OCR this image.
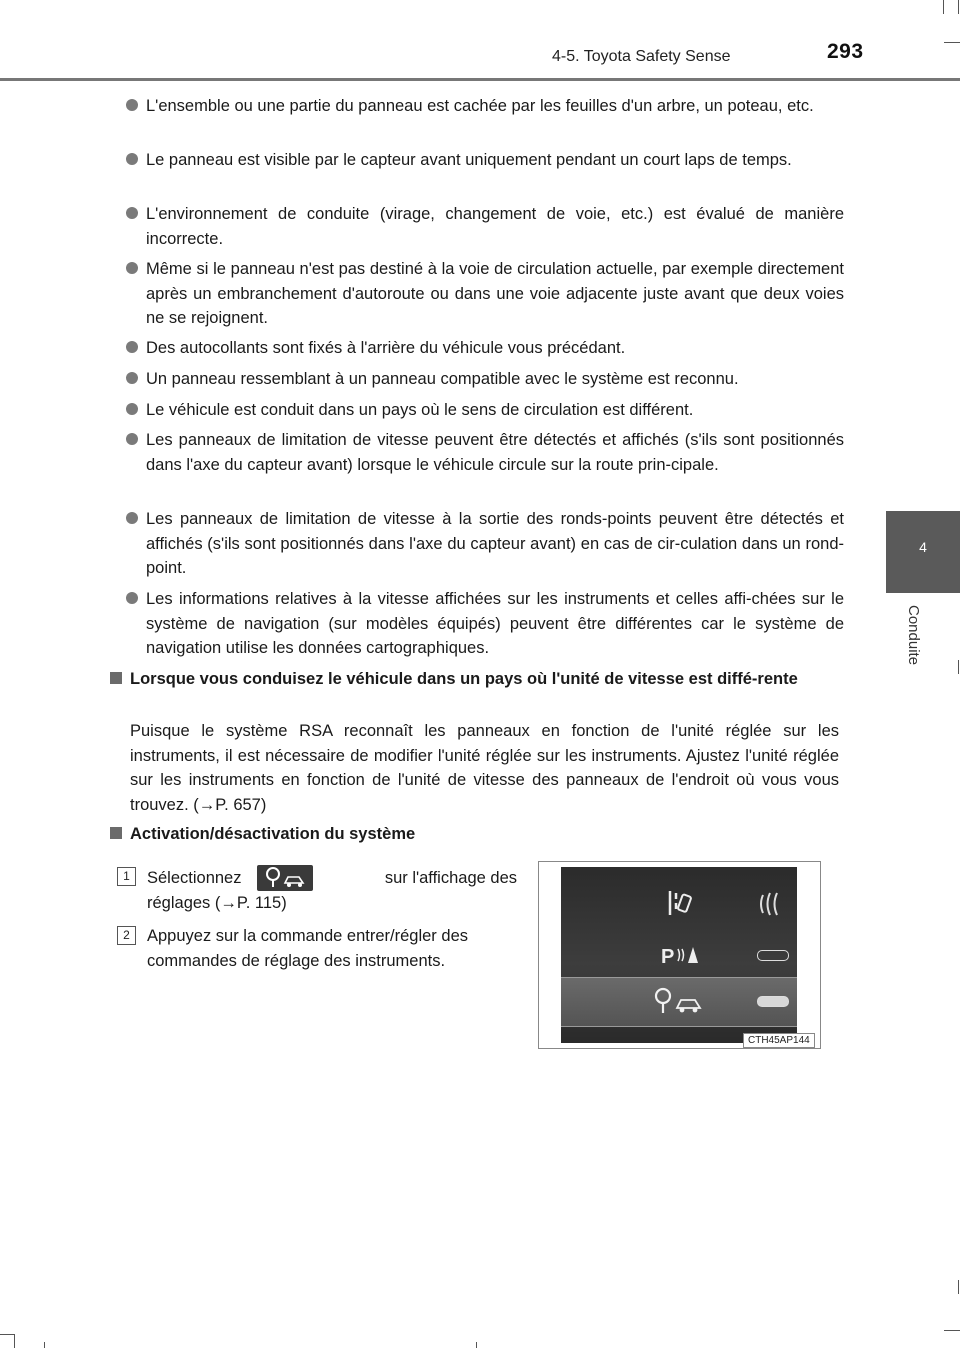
4-5. Toyota Safety Sense	293
4
Conduite
L'ensemble ou une partie du panneau est cachée par les feuilles d'un arbre, un poteau, etc.
Le panneau est visible par le capteur avant uniquement pendant un court laps de temps.
L'environnement de conduite (virage, changement de voie, etc.) est évalué de manière incorrecte.
Même si le panneau n'est pas destiné à la voie de circulation actuelle, par exemple directement après un embranchement d'autoroute ou dans une voie adjacente juste avant que deux voies ne se rejoignent.
Des autocollants sont fixés à l'arrière du véhicule vous précédant.
Un panneau ressemblant à un panneau compatible avec le système est reconnu.
Le véhicule est conduit dans un pays où le sens de circulation est différent.
Les panneaux de limitation de vitesse peuvent être détectés et affichés (s'ils sont positionnés dans l'axe du capteur avant) lorsque le véhicule circule sur la route prin-cipale.
Les panneaux de limitation de vitesse à la sortie des ronds-points peuvent être détectés et affichés (s'ils sont positionnés dans l'axe du capteur avant) en cas de cir-culation dans un rond-point.
Les informations relatives à la vitesse affichées sur les instruments et celles affi-chées sur le système de navigation (sur modèles équipés) peuvent être différentes car le système de navigation utilise les données cartographiques.
Lorsque vous conduisez le véhicule dans un pays où l'unité de vitesse est diffé-rente
Puisque le système RSA reconnaît les panneaux en fonction de l'unité réglée sur les instruments, il est nécessaire de modifier l'unité réglée sur les instruments. Ajustez l'unité réglée sur les instruments en fonction de l'unité de vitesse des panneaux de l'endroit où vous vous trouvez. (→P. 657)
Activation/désactivation du système
1	Sélectionnez	sur l'affichage des
réglages (→P. 115)
2	Appuyez sur la commande entrer/régler des commandes de réglage des instruments.	P
CTH45AP144
